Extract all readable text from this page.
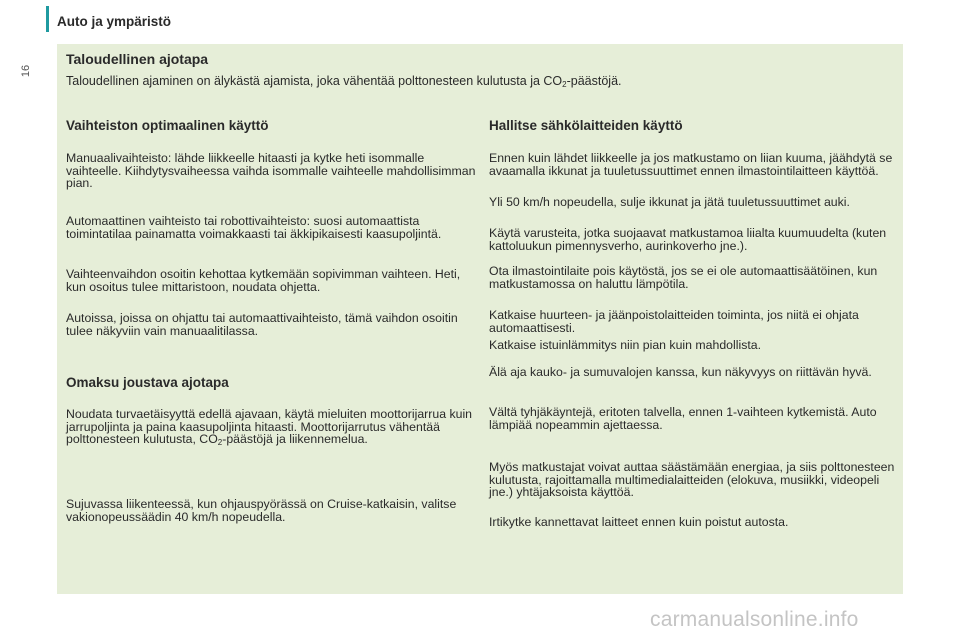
Auto ja ympäristö
16
Taloudellinen ajotapa
Taloudellinen ajaminen on älykästä ajamista, joka vähentää polttonesteen kulutusta ja $CO_2$-päästöjä.
Vaihteiston optimaalinen käyttö
Manuaalivaihteisto: lähde liikkeelle hitaasti ja kytke heti isommalle vaihteelle. Kiihdytysvaiheessa vaihda isommalle vaihteelle mahdollisimman pian.
Automaattinen vaihteisto tai robottivaihteisto: suosi automaattista toimintatilaa painamatta voimakkaasti tai äkkipikaisesti kaasupoljintä.
Vaihteenvaihdon osoitin kehottaa kytkemään sopivimman vaihteen. Heti, kun osoitus tulee mittaristoon, noudata ohjetta.
Autoissa, joissa on ohjattu tai automaattivaihteisto, tämä vaihdon osoitin tulee näkyviin vain manuaalitilassa.
Omaksu joustava ajotapa
Noudata turvaetäisyyttä edellä ajavaan, käytä mieluiten moottorijarrua kuin jarrupoljinta ja paina kaasupoljinta hitaasti. Moottorijarrutus vähentää polttonesteen kulutusta, $CO_2$-päästöjä ja liikennemelua.
Sujuvassa liikenteessä, kun ohjauspyörässä on Cruise-katkaisin, valitse vakionopeussäädin 40 km/h nopeudella.
Hallitse sähkölaitteiden käyttö
Ennen kuin lähdet liikkeelle ja jos matkustamo on liian kuuma, jäähdytä se avaamalla ikkunat ja tuuletussuuttimet ennen ilmastointilaitteen käyttöä.
Yli 50 km/h nopeudella, sulje ikkunat ja jätä tuuletussuuttimet auki.
Käytä varusteita, jotka suojaavat matkustamoa liialta kuumuudelta (kuten kattoluukun pimennysverho, aurinkoverho jne.).
Ota ilmastointilaite pois käytöstä, jos se ei ole automaattisäätöinen, kun matkustamossa on haluttu lämpötila.
Katkaise huurteen- ja jäänpoistolaitteiden toiminta, jos niitä ei ohjata automaattisesti.
Katkaise istuinlämmitys niin pian kuin mahdollista.
Älä aja kauko- ja sumuvalojen kanssa, kun näkyvyys on riittävän hyvä.
Vältä tyhjäkäyntejä, eritoten talvella, ennen 1-vaihteen kytkemistä. Auto lämpiää nopeammin ajettaessa.
Myös matkustajat voivat auttaa säästämään energiaa, ja siis polttonesteen kulutusta, rajoittamalla multimedialaitteiden (elokuva, musiikki, videopeli jne.) yhtäjaksoista käyttöä.
Irtikytke kannettavat laitteet ennen kuin poistut autosta.
carmanualsonline.info
